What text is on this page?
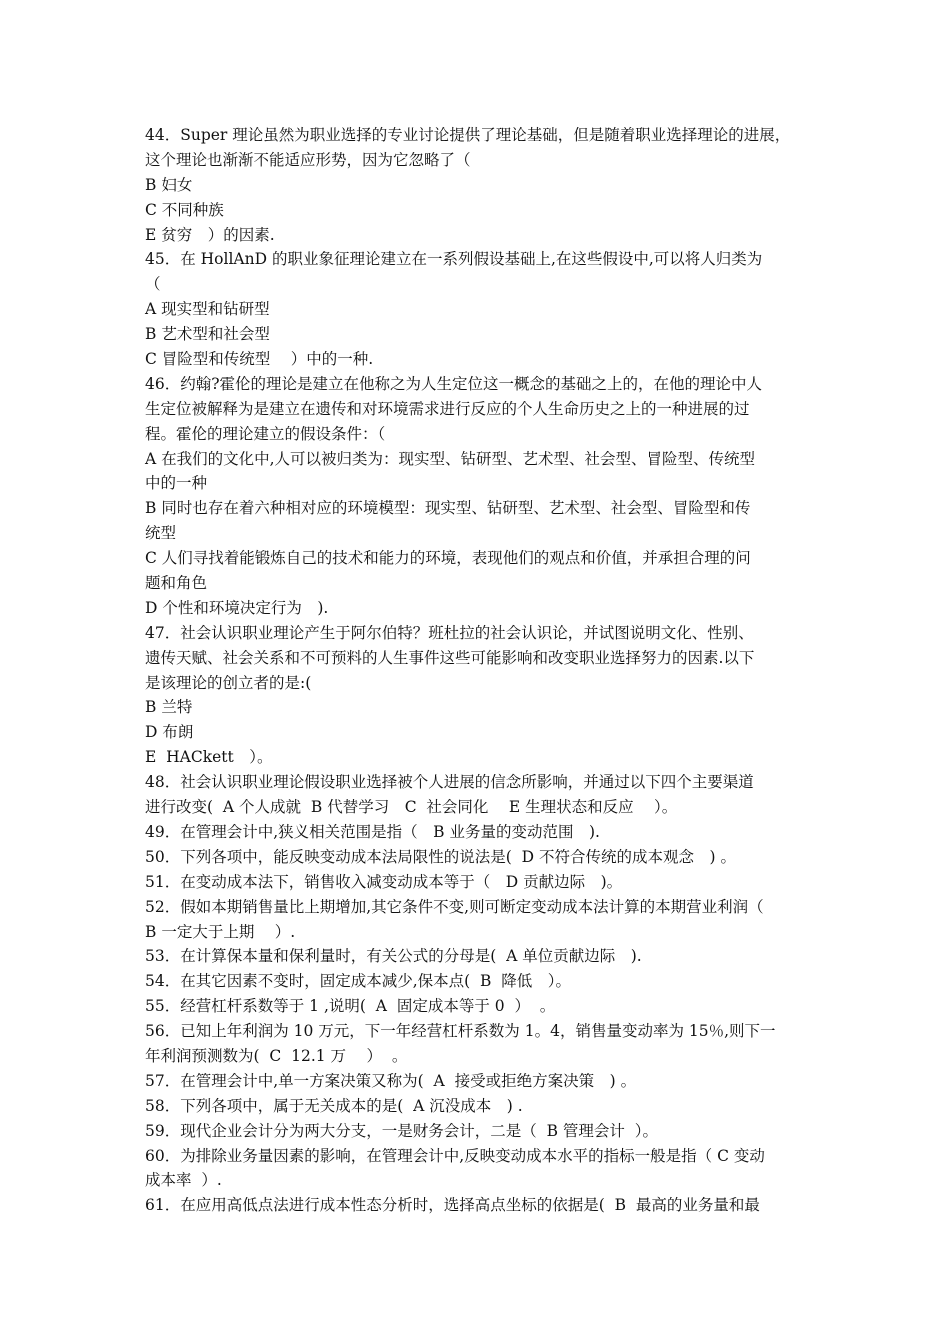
44．Super 理论虽然为职业选择的专业讨论提供了理论基础，但是随着职业选择理论的进展，
这个理论也渐渐不能适应形势，因为它忽略了（
B 妇女
C 不同种族
E 贫穷　）的因素.
45．在 HollAnD 的职业象征理论建立在一系列假设基础上,在这些假设中,可以将人归类为
（
A 现实型和钻研型
B 艺术型和社会型
C 冒险型和传统型　 ）中的一种.
46．约翰?霍伦的理论是建立在他称之为人生定位这一概念的基础之上的，在他的理论中人
生定位被解释为是建立在遗传和对环境需求进行反应的个人生命历史之上的一种进展的过
程。霍伦的理论建立的假设条件：（
A 在我们的文化中,人可以被归类为：现实型、钻研型、艺术型、社会型、冒险型、传统型
中的一种
B 同时也存在着六种相对应的环境模型：现实型、钻研型、艺术型、社会型、冒险型和传
统型
C 人们寻找着能锻炼自己的技术和能力的环境，表现他们的观点和价值，并承担合理的问
题和角色
D 个性和环境决定行为　).
47．社会认识职业理论产生于阿尔伯特？班杜拉的社会认识论，并试图说明文化、性别、
遗传天赋、社会关系和不可预料的人生事件这些可能影响和改变职业选择努力的因素.以下
是该理论的创立者的是:(
B 兰特
D 布朗
E  HACkett　）。
48．社会认识职业理论假设职业选择被个人进展的信念所影响，并通过以下四个主要渠道
进行改变(  A 个人成就  B 代替学习　C  社会同化　 E 生理状态和反应　 ）。
49．在管理会计中,狭义相关范围是指（　B 业务量的变动范围　).
50．下列各项中，能反映变动成本法局限性的说法是(  D 不符合传统的成本观念　) 。
51．在变动成本法下，销售收入减变动成本等于（　D 贡献边际　)。
52．假如本期销售量比上期增加,其它条件不变,则可断定变动成本法计算的本期营业利润（
B 一定大于上期　 ）.
53．在计算保本量和保利量时，有关公式的分母是(  A 单位贡献边际　).
54．在其它因素不变时，固定成本减少,保本点(  B  降低　）。
55．经营杠杆系数等于 1 ,说明(  A  固定成本等于 0  ）  。
56．已知上年利润为 10 万元，下一年经营杠杆系数为 1。4，销售量变动率为 15％,则下一
年利润预测数为(  C  12.1 万　 ）  。
57．在管理会计中,单一方案决策又称为(  A  接受或拒绝方案决策　) 。
58．下列各项中，属于无关成本的是(  A 沉没成本　) .
59．现代企业会计分为两大分支，一是财务会计，二是（  B 管理会计  ）。
60．为排除业务量因素的影响，在管理会计中,反映变动成本水平的指标一般是指（ C 变动
成本率  ）.
61．在应用高低点法进行成本性态分析时，选择高点坐标的依据是(  B  最高的业务量和最
